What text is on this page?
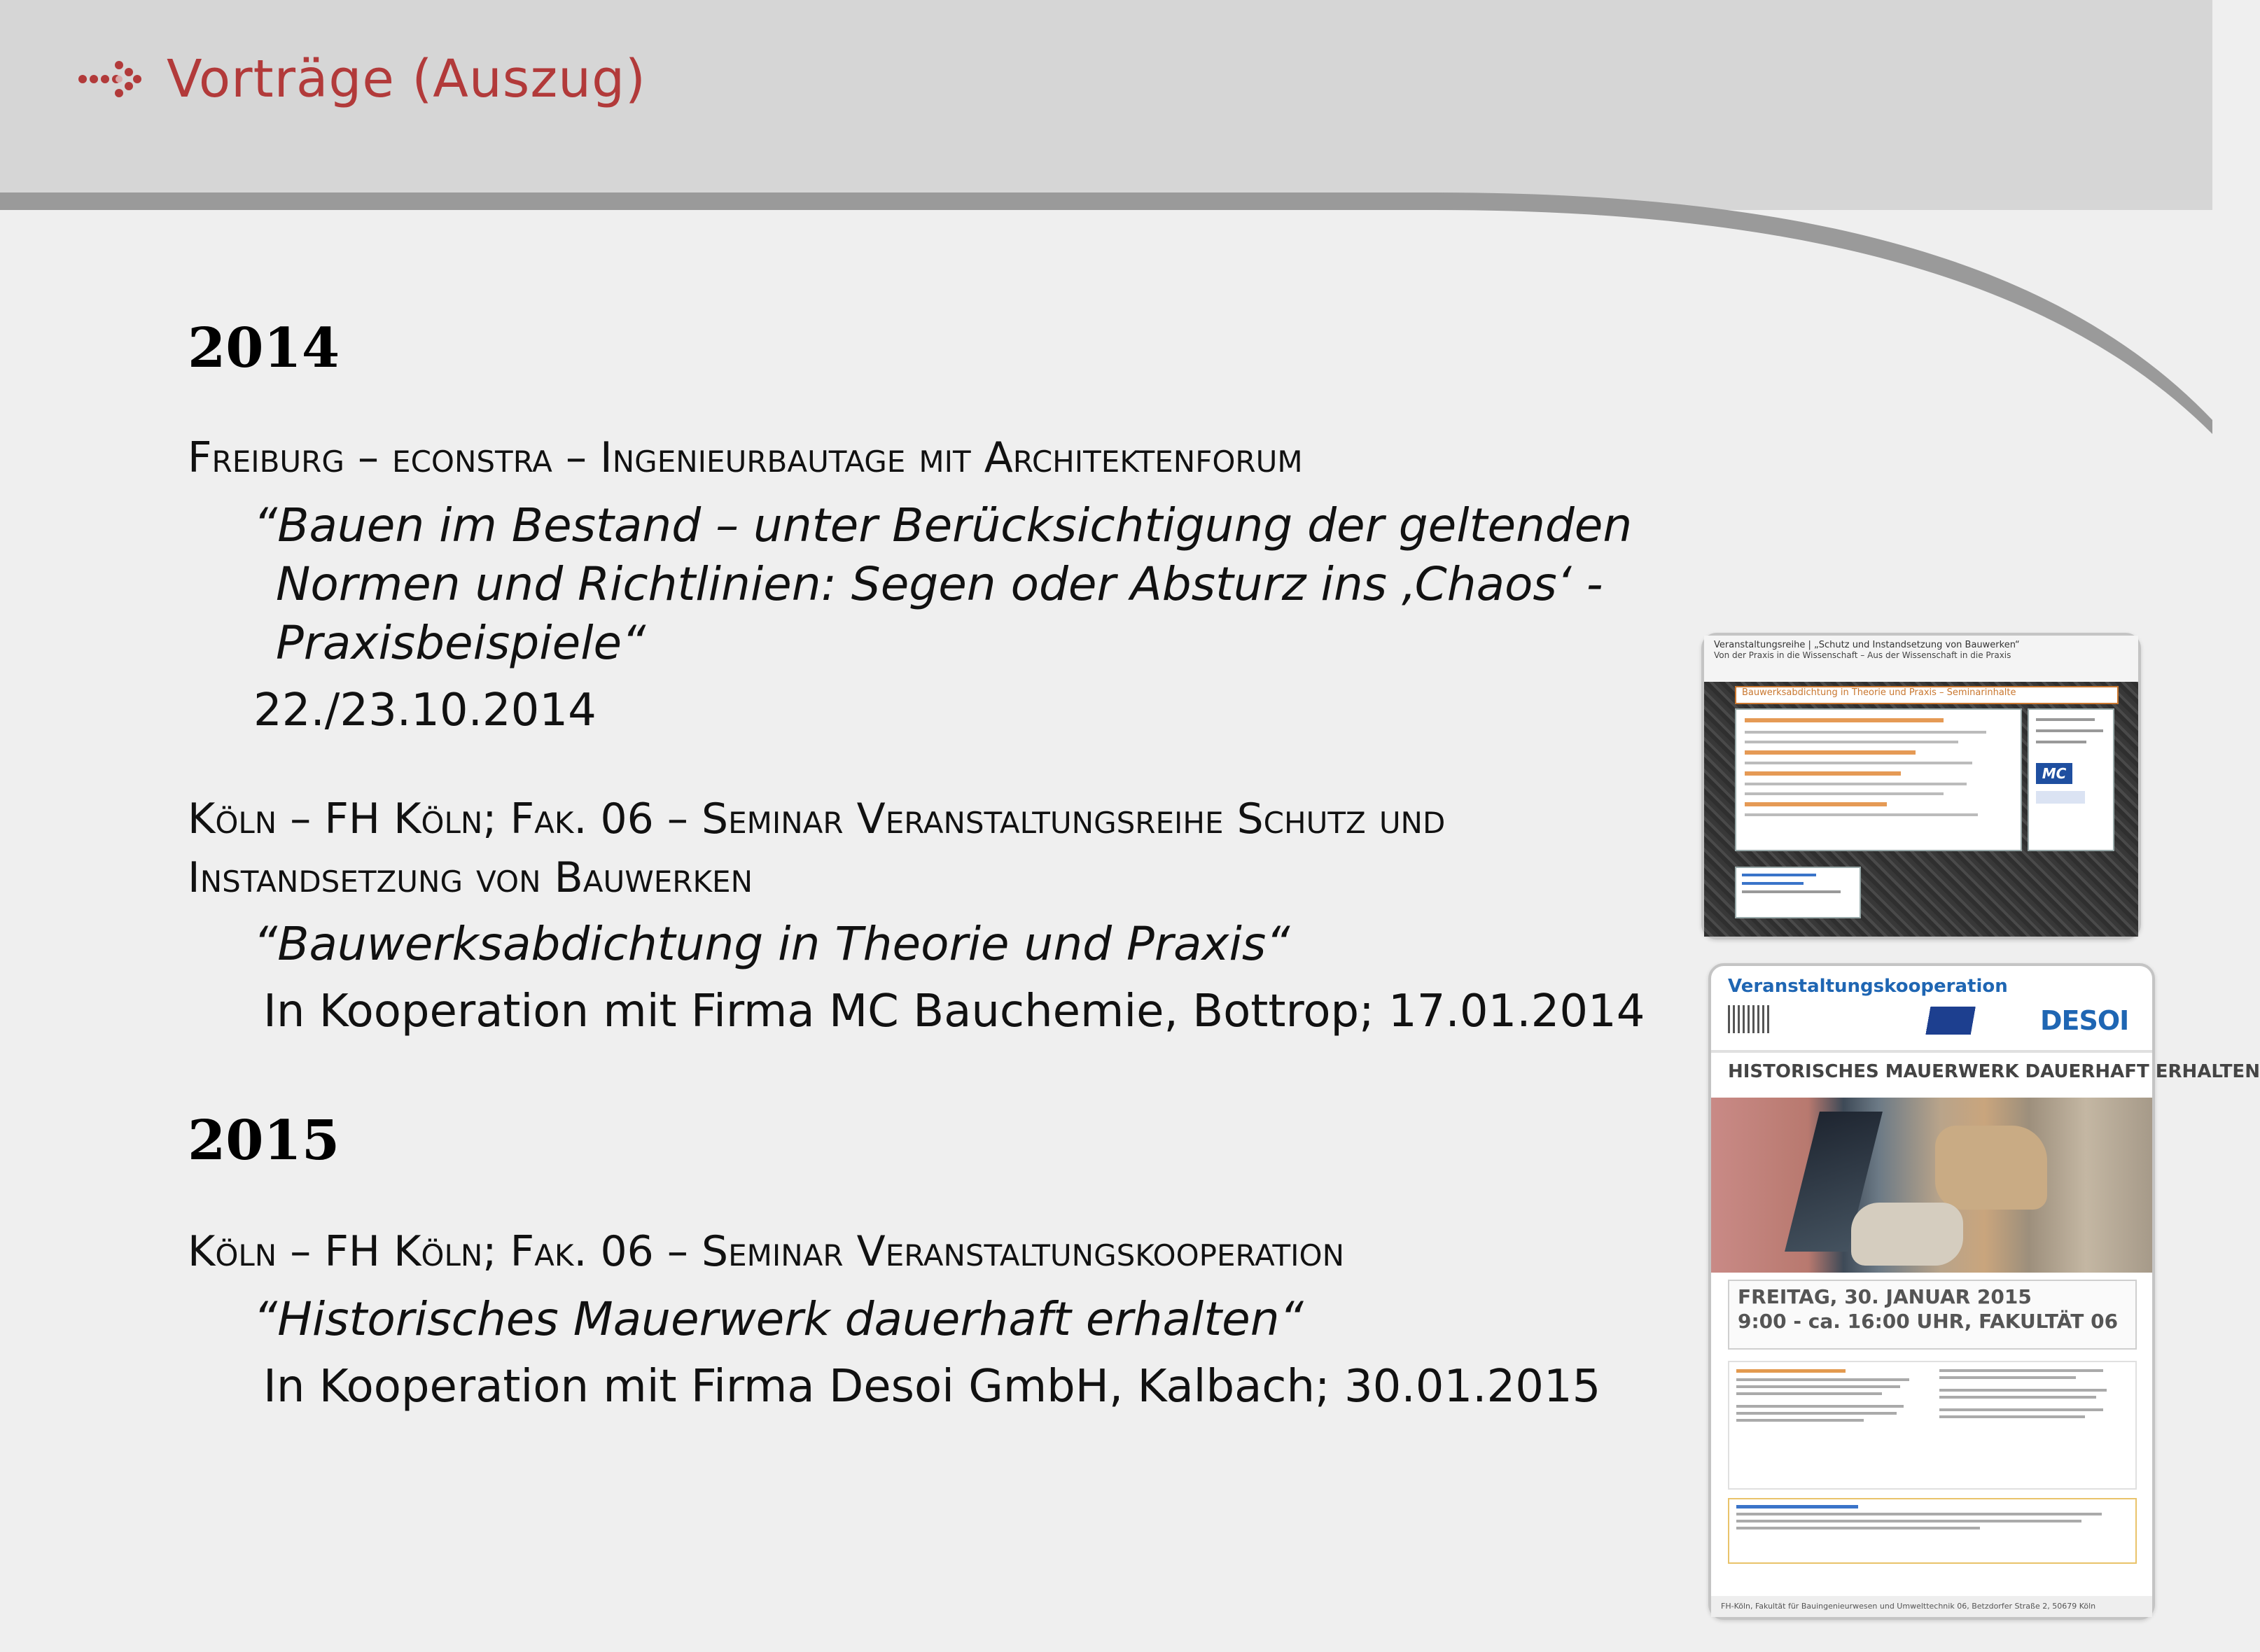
Vorträge (Auszug)
2014
Freiburg – econstra – Ingenieurbautage mit Architektenforum
“Bauen im Bestand – unter Berücksichtigung der geltenden
Normen und Richtlinien: Segen oder Absturz ins ‚Chaos‘ -
Praxisbeispiele“
22./23.10.2014
Köln – FH Köln; Fak. 06 – Seminar Veranstaltungsreihe Schutz und
Instandsetzung von Bauwerken
“Bauwerksabdichtung in Theorie und Praxis“
In Kooperation mit Firma MC Bauchemie, Bottrop; 17.01.2014
2015
Köln – FH Köln; Fak. 06 – Seminar Veranstaltungskooperation
“Historisches Mauerwerk dauerhaft erhalten“
In Kooperation mit Firma Desoi GmbH, Kalbach; 30.01.2015
Veranstaltungsreihe | „Schutz und Instandsetzung von Bauwerken“
Von der Praxis in die Wissenschaft – Aus der Wissenschaft in die Praxis
Bauwerksabdichtung in Theorie und Praxis – Seminarinhalte
MC
Veranstaltungskooperation
DESOI
HISTORISCHES MAUERWERK DAUERHAFT ERHALTEN
FREITAG, 30. JANUAR 2015
9:00 - ca. 16:00 UHR, FAKULTÄT 06
FH-Köln, Fakultät für Bauingenieurwesen und Umwelttechnik 06, Betzdorfer Straße 2, 50679 Köln
